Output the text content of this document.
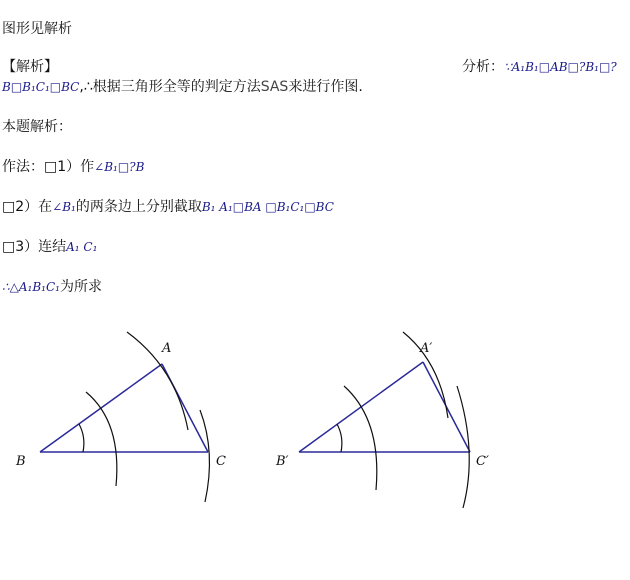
图形见解析
【解析】	分析：∵A₁B₁□AB□?B₁□?
B□B₁C₁□BC,∴根据三角形全等的判定方法SAS来进行作图.
本题解析：
作法：□1）作∠B₁□?B
□2）在∠B₁的两条边上分别截取B₁ A₁□BA □B₁C₁□BC
□3）连结A₁ C₁
∴△A₁B₁C₁为所求
B
A
C	B′
A′
C′
